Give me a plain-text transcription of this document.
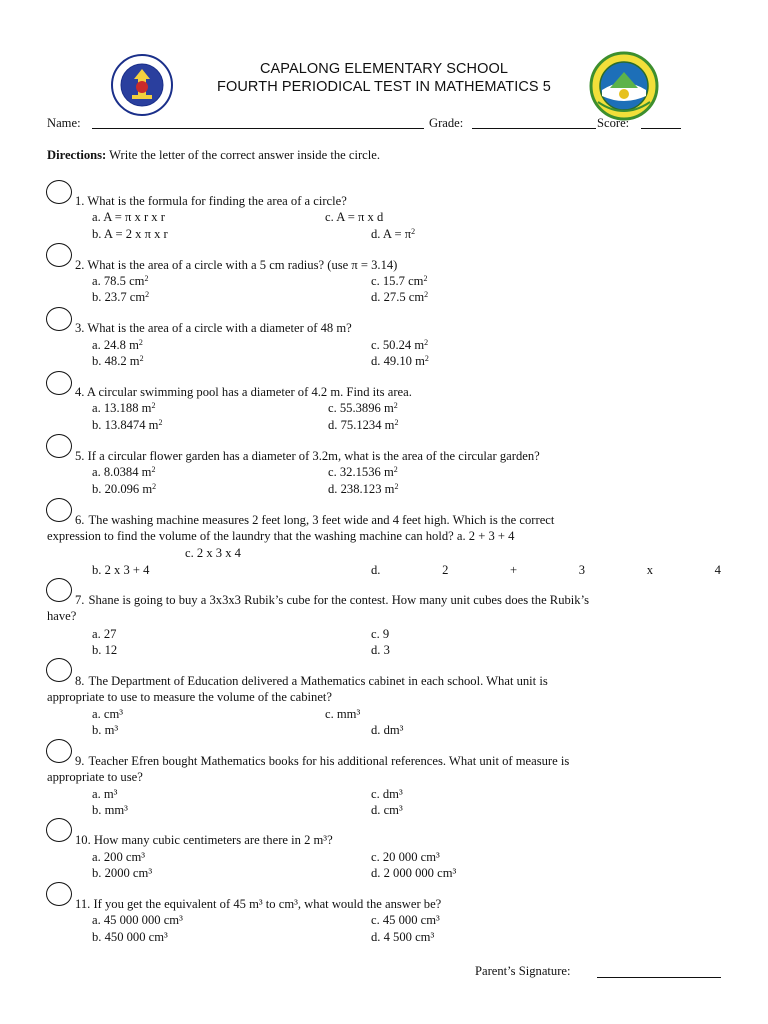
CAPALONG ELEMENTARY SCHOOL
FOURTH PERIODICAL TEST IN MATHEMATICS 5
Name:	Grade:	Score:
Directions: Write the letter of the correct answer inside the circle.
1. What is the formula for finding the area of a circle?
a. A = π x r x r	c. A = π x d
b. A = 2 x π x r	d. $A = \pi^2$
2. What is the area of a circle with a 5 cm radius? (use π = 3.14)
a. 78.5 $cm^2$	c. 15.7 $cm^2$
b. 23.7 $cm^2$	d. 27.5 $cm^2$
3. What is the area of a circle with a diameter of 48 m?
a. 24.8 $m^2$	c. 50.24 $m^2$
b. 48.2 $m^2$	d. 49.10 $m^2$
4. A circular swimming pool has a diameter of 4.2 m. Find its area.
a. 13.188 $m^2$	c. 55.3896 $m^2$
b. 13.8474 $m^2$	d. 75.1234 $m^2$
5. If a circular flower garden has a diameter of 3.2m, what is the area of the circular garden?
a. 8.0384 $m^2$	c. 32.1536 $m^2$
b. 20.096 $m^2$	d. 238.123 $m^2$
6. The washing machine measures 2 feet long, 3 feet wide and 4 feet high. Which is the correct
expression to find the volume of the laundry that the washing machine can hold? a. 2 + 3 + 4
c. 2 x 3 x 4
b. 2 x 3 + 4	d.	2	+	3	x	4
7. Shane is going to buy a 3x3x3 Rubik’s cube for the contest. How many unit cubes does the Rubik’s
have?
a. 27	c. 9
b. 12	d. 3
8. The Department of Education delivered a Mathematics cabinet in each school. What unit is
appropriate to use to measure the volume of the cabinet?
a. cm³	c. mm³
b. m³	d. dm³
9. Teacher Efren bought Mathematics books for his additional references. What unit of measure is
appropriate to use?
a. m³	c. dm³
b. mm³	d. cm³
10. How many cubic centimeters are there in 2 m³?
a. 200 cm³	c. 20 000 cm³
b. 2000 cm³	d. 2 000 000 cm³
11. If you get the equivalent of 45 m³ to cm³, what would the answer be?
a. 45 000 000 cm³	c. 45 000 cm³
b. 450 000 cm³	d. 4 500 cm³
Parent’s Signature:
